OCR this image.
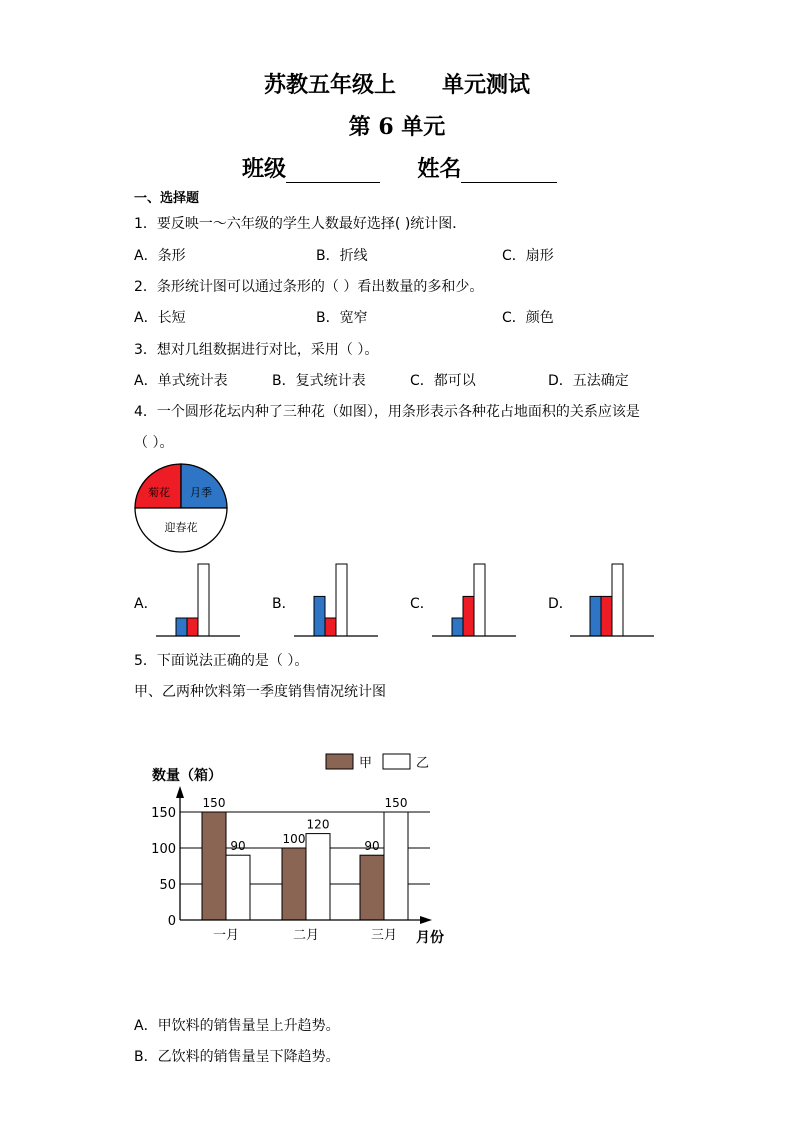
苏教五年级上      单元测试
第 6 单元
班级	姓名
一、选择题
1．要反映一～六年级的学生人数最好选择( )统计图．
A．条形	B．折线	C．扇形
2．条形统计图可以通过条形的（ ）看出数量的多和少。
A．长短	B．宽窄	C．颜色
3．想对几组数据进行对比，采用（ ）。
A．单式统计表	B．复式统计表	C．都可以	D．五法确定
4．一个圆形花坛内种了三种花（如图），用条形表示各种花占地面积的关系应该是
（ ）。
菊花 月季
迎春花
A．	B．	C．	D．
5．下面说法正确的是（ ）。
甲、乙两种饮料第一季度销售情况统计图
数量（箱）
月份
0
50
100
150
150
90
一月
100
120
二月
90
150
三月
甲	乙
A．甲饮料的销售量呈上升趋势。
B．乙饮料的销售量呈下降趋势。
